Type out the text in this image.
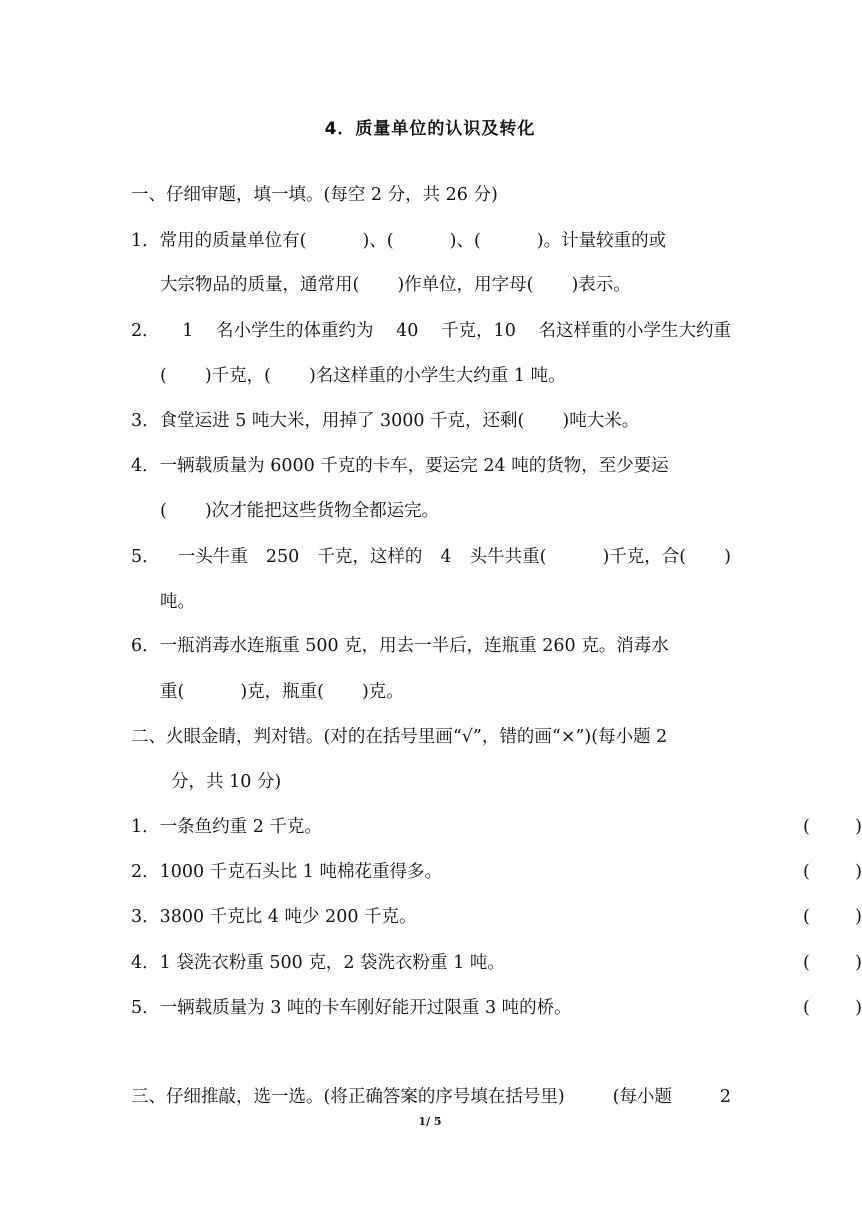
4．质量单位的认识及转化
一、仔细审题，填一填。(每空 2 分，共 26 分)
1．常用的质量单位有(	)、(	)、(	)。计量较重的或
大宗物品的质量，通常用( )作单位，用字母( )表示。
2． 1 名小学生的体重约为 40 千克，10 名这样重的小学生大约重
( )千克，( )名这样重的小学生大约重 1 吨。
3．食堂运进 5 吨大米，用掉了 3000 千克，还剩( )吨大米。
4．一辆载质量为 6000 千克的卡车，要运完 24 吨的货物，至少要运
( )次才能把这些货物全都运完。
5． 一头牛重 250 千克，这样的 4 头牛共重(	)千克，合( )
吨。
6．一瓶消毒水连瓶重 500 克，用去一半后，连瓶重 260 克。消毒水
重(	)克，瓶重( )克。
二、火眼金睛，判对错。(对的在括号里画“√”，错的画“×”)(每小题 2
分，共 10 分)
1．一条鱼约重 2 千克。	(	)
2．1000 千克石头比 1 吨棉花重得多。	(	)
3．3800 千克比 4 吨少 200 千克。	(	)
4．1 袋洗衣粉重 500 克，2 袋洗衣粉重 1 吨。	(	)
5．一辆载质量为 3 吨的卡车刚好能开过限重 3 吨的桥。	(	)
三、仔细推敲，选一选。(将正确答案的序号填在括号里)	(每小题	2
1/ 5
